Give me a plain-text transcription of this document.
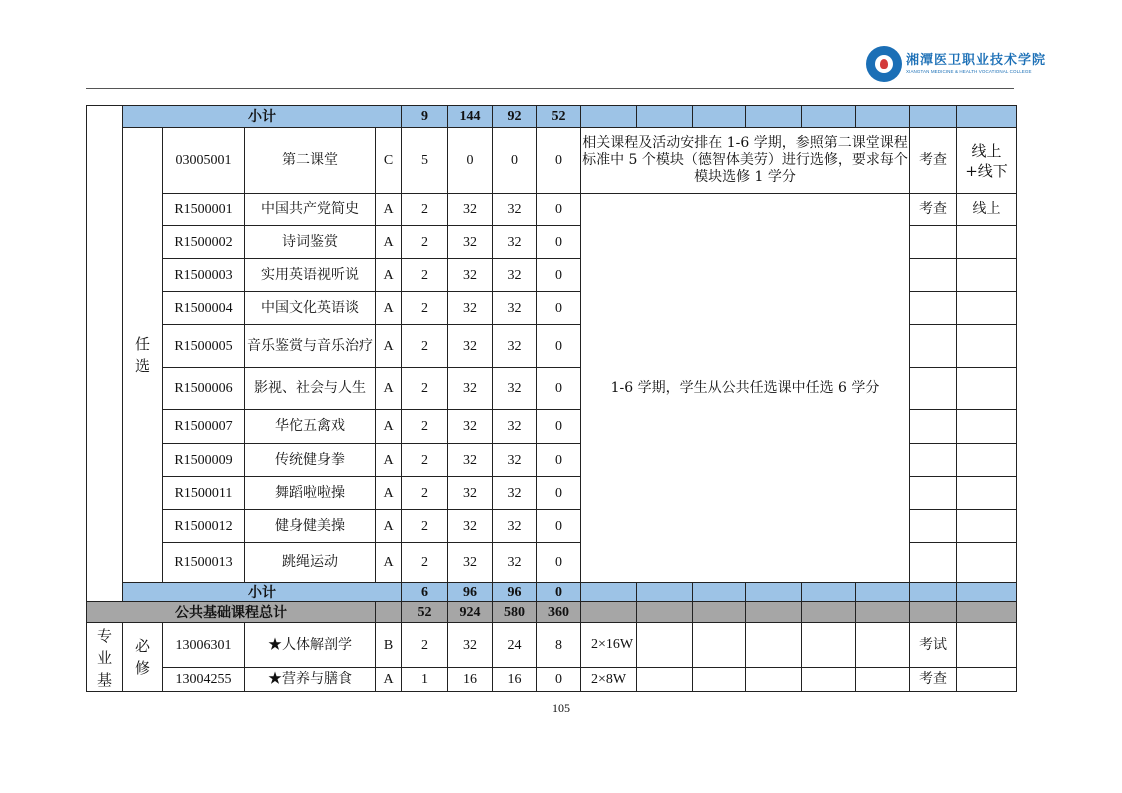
湘潭医卫职业技术学院
XIANGTAN MEDICINE & HEALTH VOCATIONAL COLLEGE
	小计				9	144	92	52								

	任选	03005001	第二课堂	C	5	0	0	0	相关课程及活动安排在 1-6 学期，参照第二课堂课程标准中 5 个模块（德智体美劳）进行选修，要求每个模块选修 1 学分						考查	线上+线下
		R1500001	中国共产党简史	A	2	32	32	0	1-6 学期，学生从公共任选课中任选 6 学分						考查	线上
		R1500002	诗词鉴赏	A	2	32	32	0								
		R1500003	实用英语视听说	A	2	32	32	0								
		R1500004	中国文化英语谈	A	2	32	32	0								
		R1500005	音乐鉴赏与音乐治疗	A	2	32	32	0								
		R1500006	影视、社会与人生	A	2	32	32	0								
		R1500007	华佗五禽戏	A	2	32	32	0								
		R1500009	传统健身拳	A	2	32	32	0								
		R1500011	舞蹈啦啦操	A	2	32	32	0								
		R1500012	健身健美操	A	2	32	32	0								
		R1500013	跳绳运动	A	2	32	32	0								
	小计				6	96	96	0								
公共基础课程总计					52	924	580	360								

专业基	必修	13006301	★人体解剖学	B	2	32	24	8	2×16W						考试	
		13004255	★营养与膳食	A	1	16	16	0	2×8W						考查	
105
